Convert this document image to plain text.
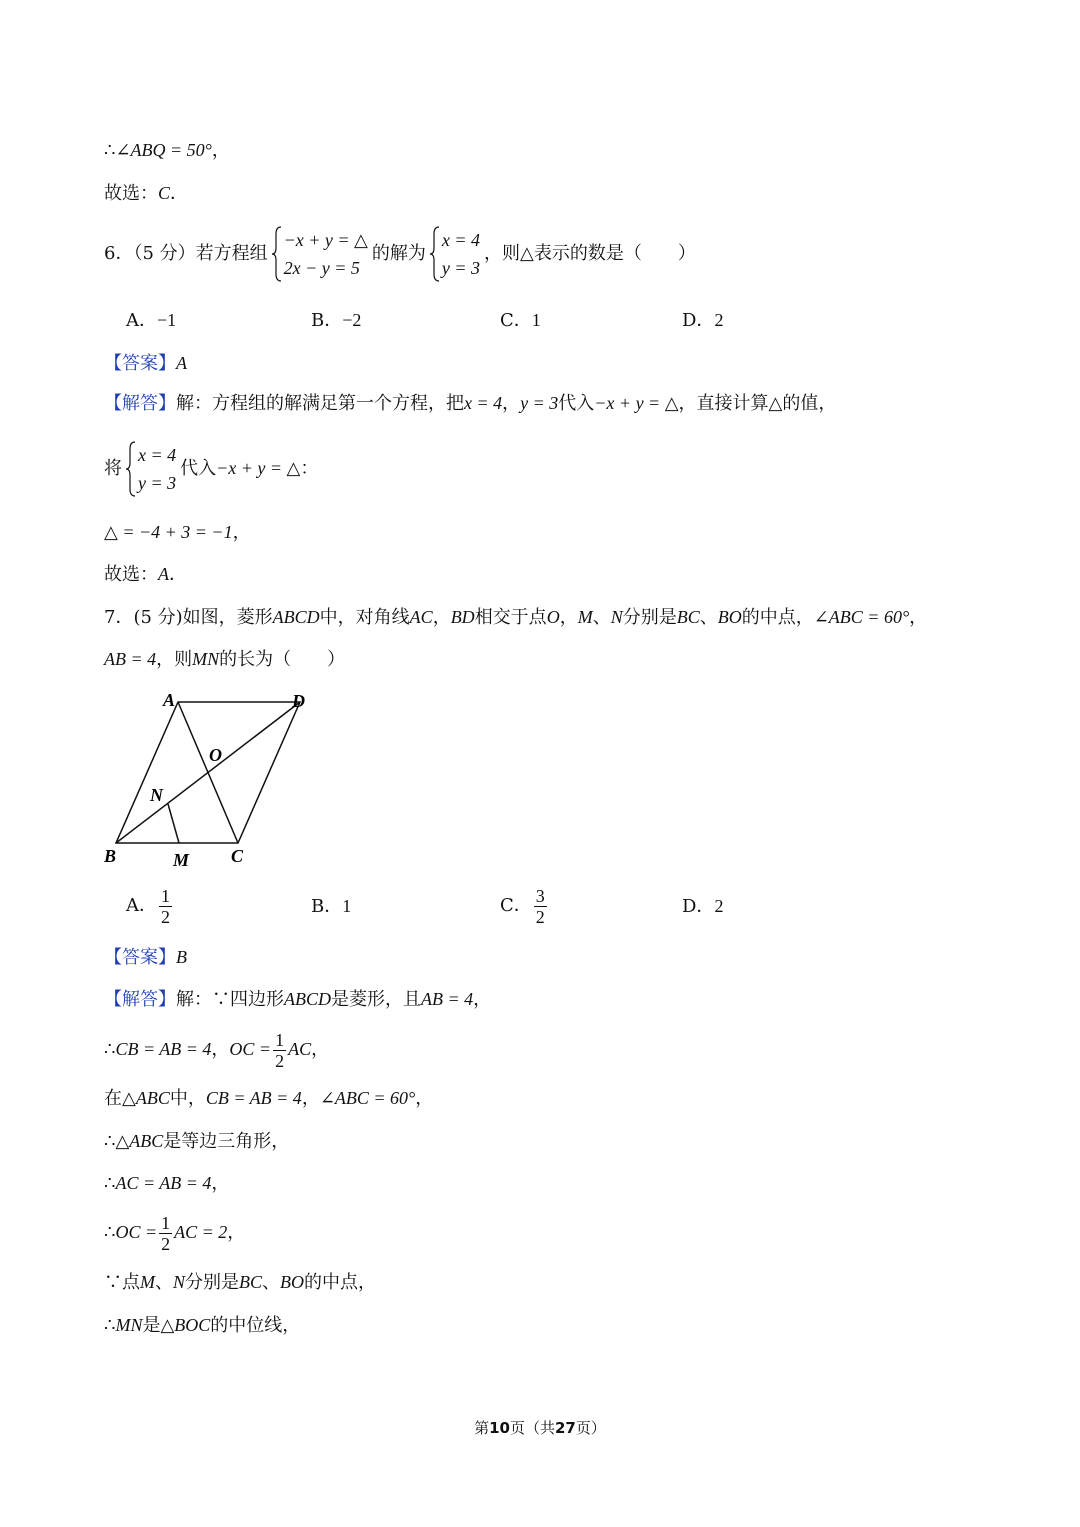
∴∠ABQ = 50°，
故选：C．
6．（5 分）若方程组
−x + y = △
2x − y = 5
的解为
x = 4
y = 3
，则△表示的数是（　　）
A．−1	B．−2	C．1	D．2
【答案】A
【解答】解：方程组的解满足第一个方程，把x = 4，y = 3代入−x + y = △，直接计算△的值，
将
x = 4
y = 3
代入−x + y = △：
△ = −4 + 3 = −1，
故选：A．
7．(5 分)如图，菱形ABCD中，对角线AC，BD相交于点O，M、N分别是BC、BO的中点，∠ABC = 60°，
AB = 4，则MN的长为（　　）
A	D
O
N
B	M C
A． $\frac{1}{2}$	B．1	C． $\frac{3}{2}$	D．2
【答案】B
【解答】解：∵四边形ABCD是菱形，且AB = 4，
∴CB = AB = 4，OC = $\frac{1}{2}$ AC，
在△ABC中，CB = AB = 4，∠ABC = 60°，
∴△ABC是等边三角形，
∴AC = AB = 4，
∴OC = $\frac{1}{2}$ AC = 2，
∵点M、N分别是BC、BO的中点，
∴MN是△BOC的中位线，
第10页（共27页）
